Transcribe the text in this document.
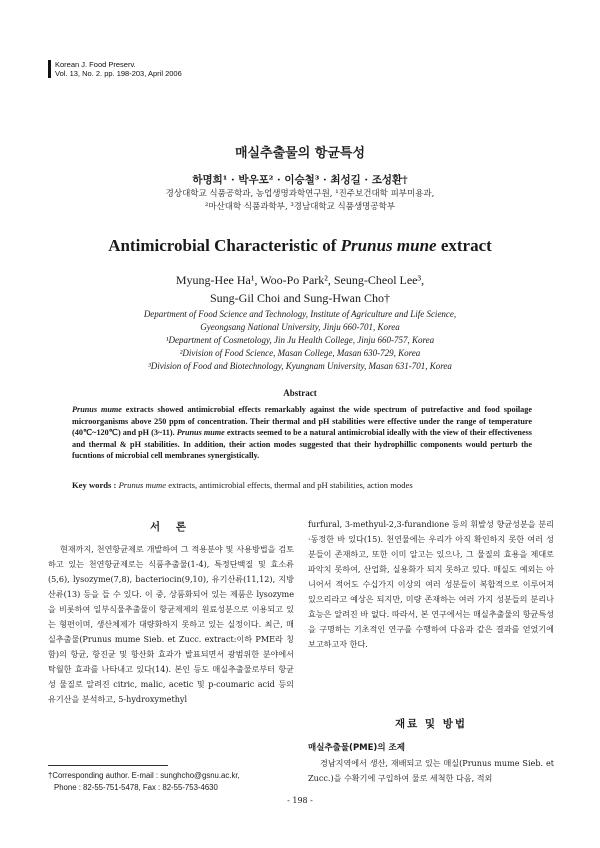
Korean J. Food Preserv.
Vol. 13, No. 2. pp. 198-203, April 2006
매실추출물의 항균특성
하명희¹ · 박우포² · 이승철³ · 최성길 · 조성환†
경상대학교 식품공학과, 농업생명과학연구원, ¹진주보건대학 피부미용과,
²마산대학 식품과학부, ³경남대학교 식품생명공학부
Antimicrobial Characteristic of Prunus mune extract
Myung-Hee Ha¹, Woo-Po Park², Seung-Cheol Lee³,
Sung-Gil Choi and Sung-Hwan Cho†
Department of Food Science and Technology, Institute of Agriculture and Life Science,
Gyeongsang National University, Jinju 660-701, Korea
¹Department of Cosmetology, Jin Ju Health College, Jinju 660-757, Korea
²Division of Food Science, Masan College, Masan 630-729, Korea
³Division of Food and Biotechnology, Kyungnam University, Masan 631-701, Korea
Abstract
Prunus mume extracts showed antimicrobial effects remarkably against the wide spectrum of putrefactive and food spoilage microorganisms above 250 ppm of concentration. Their thermal and pH stabilities were effective under the range of temperature (40℃~120℃) and pH (3~11). Prunus mume extracts seemed to be a natural antimicrobial ideally with the view of their effectiveness and thermal & pH stabilities. In addition, their action modes suggested that their hydrophillic components would perturb the fucntions of microbial cell membranes synergistically.
Key words : Prunus mume extracts, antimicrobial effects, thermal and pH stabilities, action modes
서 론

현재까지, 천연항균제로 개발하여 그 적용분야 및 사용방법을 검토하고 있는 천연항균제로는 식품추출물(1-4), 특정단백질 및 효소류(5,6), lysozyme(7,8), bacteriocin(9,10), 유기산류(11,12), 지방산류(13) 등을 들 수 있다. 이 중, 상품화되어 있는 제품은 lysozyme을 비롯하여 일부식물추출물이 항균제제의 원료성분으로 이용되고 있는 형편이며, 생산체제가 대량화하지 못하고 있는 실정이다. 최근, 매실추출물(Prunus mume Sieb. et Zucc. extract:이하 PME라 칭함)의 항균, 항진균 및 항산화 효과가 발표되면서 광범위한 분야에서 탁월한 효과를 나타내고 있다(14). 본인 등도 매실추출물로부터 항균성 물질로 알려진 citric, malic, acetic 및 p-coumaric acid 등의 유기산을 분석하고, 5-hydroxymethyl

†Corresponding author. E-mail : sunghcho@gsnu.ac.kr,
Phone : 82-55-751-5478, Fax : 82-55-753-4630

furfural, 3-methyul-2,3-furandione 등의 휘발성 향균성분을 분리·동정한 바 있다(15). 천연물에는 우리가 아직 확인하지 못한 여러 성분들이 존재하고, 또한 이미 알고는 있으나, 그 물질의 효용을 제대로 파악치 못하여, 산업화, 실용화가 되지 못하고 있다. 매실도 예외는 아니어서 적어도 수십가지 이상의 여러 성분들이 복합적으로 이루어져 있으리라고 예상은 되지만, 미량 존재하는 여러 가지 성분들의 분리나 효능은 알려진 바 없다. 따라서, 본 연구에서는 매실추출물의 항균특성을 구명하는 기초적인 연구를 수행하여 다음과 같은 결과를 얻었기에 보고하고자 한다.

재료 및 방법
매실추출물(PME)의 조제

경남지역에서 생산, 재배되고 있는 매실(Prunus mume Sieb. et Zucc.)을 수확기에 구입하여 물로 세척한 다음, 적외

- 198 -
